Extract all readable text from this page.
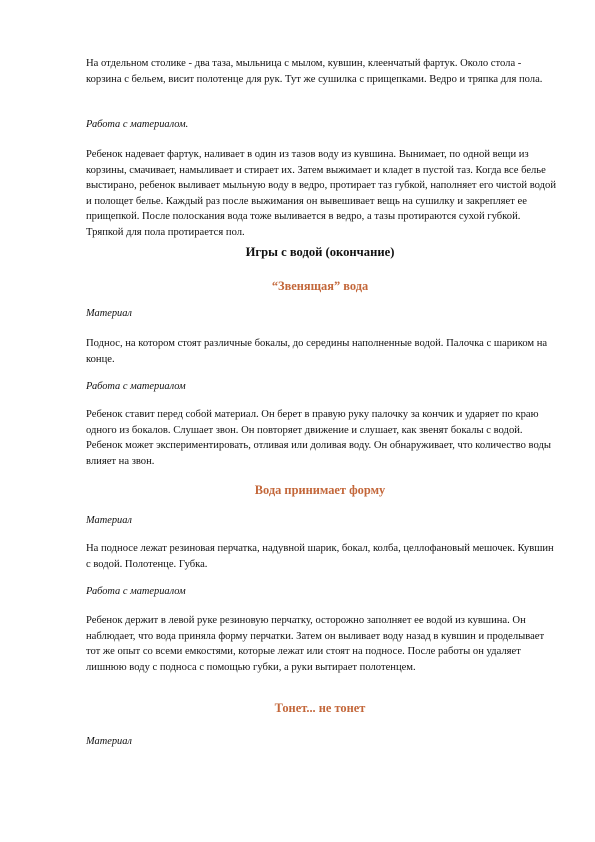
На отдельном столике - два таза, мыльница с мылом, кувшин, клеенчатый фартук. Около стола - корзина с бельем, висит полотенце для рук. Тут же сушилка с прищепками. Ведро и тряпка для пола.

Работа с материалом.

Ребенок надевает фартук, наливает в один из тазов воду из кувшина. Вынимает, по одной вещи из корзины, смачивает, намыливает и стирает их. Затем выжимает и кладет в пустой таз. Когда все белье выстирано, ребенок выливает мыльную воду в ведро, протирает таз губкой, наполняет его чистой водой и полощет белье. Каждый раз после выжимания он вывешивает вещь на сушилку и закрепляет ее прищепкой. После полоскания вода тоже выливается в ведро, а тазы протираются сухой губкой. Тряпкой для пола протирается пол.

Игры с водой (окончание)
“Звенящая” вода

Материал

Поднос, на котором стоят различные бокалы, до середины наполненные водой. Палочка с шариком на конце.

Работа с материалом

Ребенок ставит перед собой материал. Он берет в правую руку палочку за кончик и ударяет по краю одного из бокалов. Слушает звон. Он повторяет движение и слушает, как звенят бокалы с водой. Ребенок может экспериментировать, отливая или доливая воду. Он обнаруживает, что количество воды влияет на звон.

Вода принимает форму

Материал

На подносе лежат резиновая перчатка, надувной шарик, бокал, колба, целлофановый мешочек. Кувшин с водой. Полотенце. Губка.

Работа с материалом

Ребенок держит в левой руке резиновую перчатку, осторожно заполняет ее водой из кувшина. Он наблюдает, что вода приняла форму перчатки. Затем он выливает воду назад в кувшин и проделывает тот же опыт со всеми емкостями, которые лежат или стоят на подносе. После работы он удаляет лишнюю воду с подноса с помощью губки, а руки вытирает полотенцем.

Тонет... не тонет

Материал
